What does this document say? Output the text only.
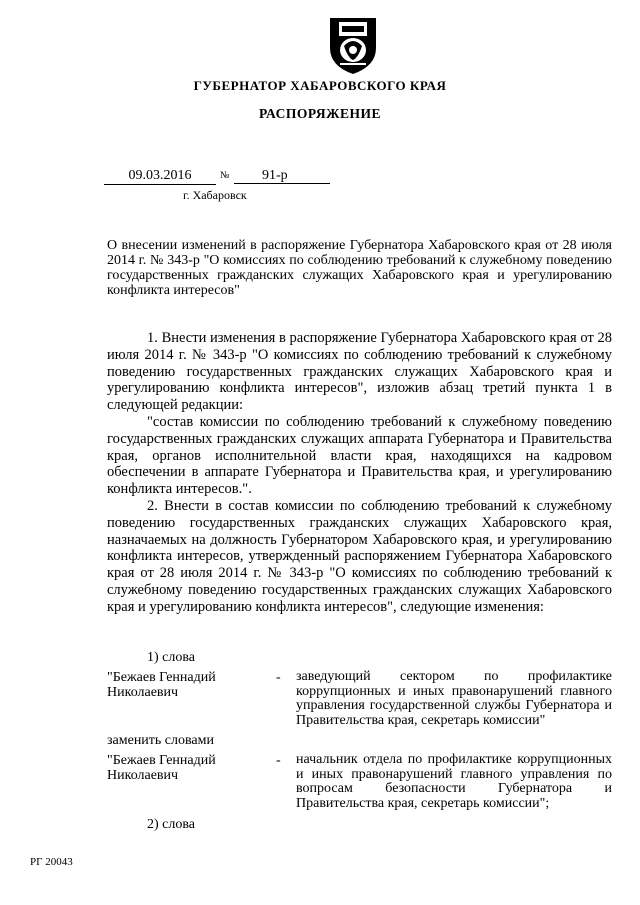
ГУБЕРНАТОР ХАБАРОВСКОГО КРАЯ
РАСПОРЯЖЕНИЕ
09.03.2016	№	91-р
г. Хабаровск
О внесении изменений в распоряжение Губернатора Хабаровского края от 28 июля 2014 г. № 343-р "О комиссиях по соблюдению требований к служебному поведению государственных гражданских служащих Хабаровского края и урегулированию конфликта интересов"

1. Внести изменения в распоряжение Губернатора Хабаровского края от 28 июля 2014 г. № 343-р "О комиссиях по соблюдению требований к служебному поведению государственных гражданских служащих Хабаровского края и урегулированию конфликта интересов", изложив абзац третий пункта 1 в следующей редакции:

"состав комиссии по соблюдению требований к служебному поведению государственных гражданских служащих аппарата Губернатора и Правительства края, органов исполнительной власти края, находящихся на кадровом обеспечении в аппарате Губернатора и Правительства края, и урегулированию конфликта интересов.".

2. Внести в состав комиссии по соблюдению требований к служебному поведению государственных гражданских служащих Хабаровского края, назначаемых на должность Губернатором Хабаровского края, и урегулированию конфликта интересов, утвержденный распоряжением Губернатора Хабаровского края от 28 июля 2014 г. № 343-р "О комиссиях по соблюдению требований к служебному поведению государственных гражданских служащих Хабаровского края и урегулированию конфликта интересов", следующие изменения:

1) слова
"Бежаев Геннадий Николаевич
- заведующий сектором по профилактике коррупционных и иных правонарушений главного управления государственной службы Губернатора и Правительства края, секретарь комиссии"
заменить словами
"Бежаев Геннадий Николаевич
- начальник отдела по профилактике коррупционных и иных правонарушений главного управления по вопросам безопасности Губернатора и Правительства края, секретарь комиссии";
2) слова
РГ 20043
